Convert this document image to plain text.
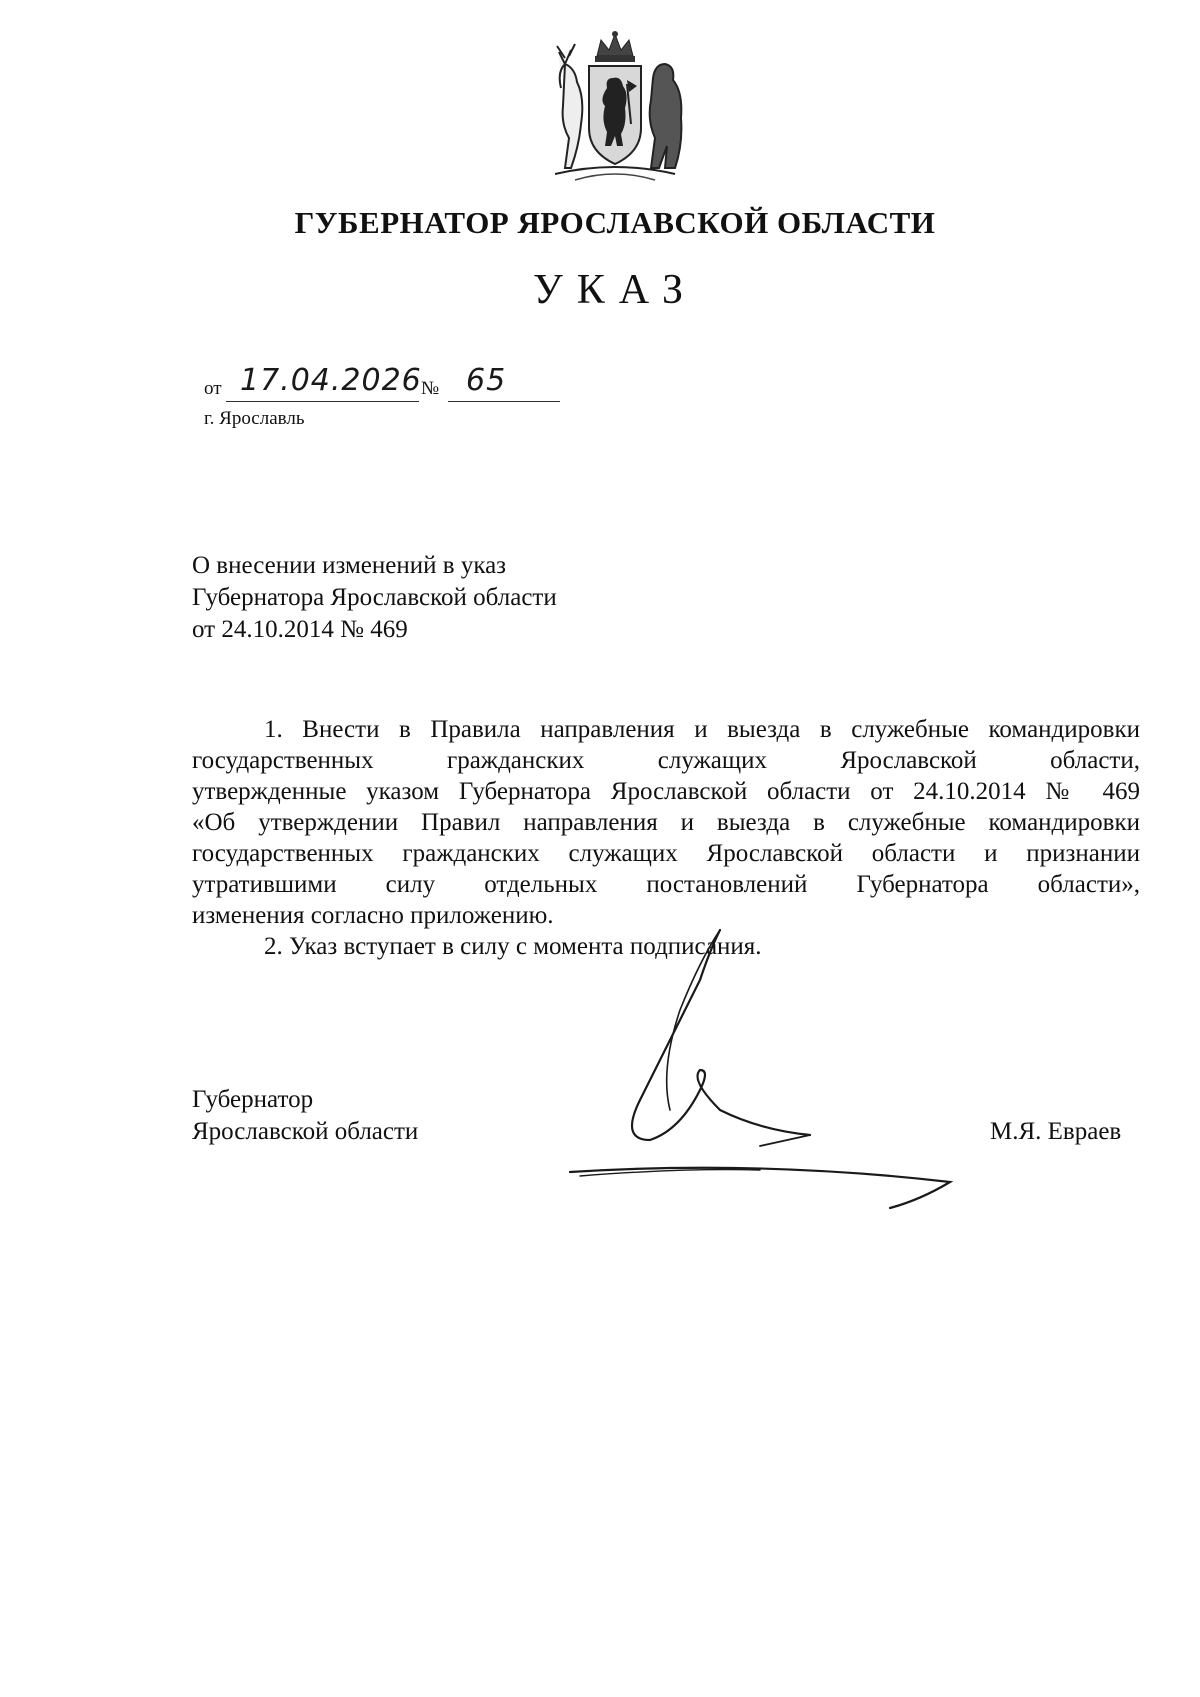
ГУБЕРНАТОР ЯРОСЛАВСКОЙ ОБЛАСТИ
УКАЗ
от 17.04.2026 № 65
г. Ярославль
О внесении изменений в указ
Губернатора Ярославской области
от 24.10.2014 № 469
1. Внести в Правила направления и выезда в служебные командировки
государственных гражданских служащих Ярославской области,
утвержденные указом Губернатора Ярославской области от 24.10.2014 № 469
«Об утверждении Правил направления и выезда в служебные командировки
государственных гражданских служащих Ярославской области и признании
утратившими силу отдельных постановлений Губернатора области»,
изменения согласно приложению.
2. Указ вступает в силу с момента подписания.
Губернатор
Ярославской области	М.Я. Евраев
